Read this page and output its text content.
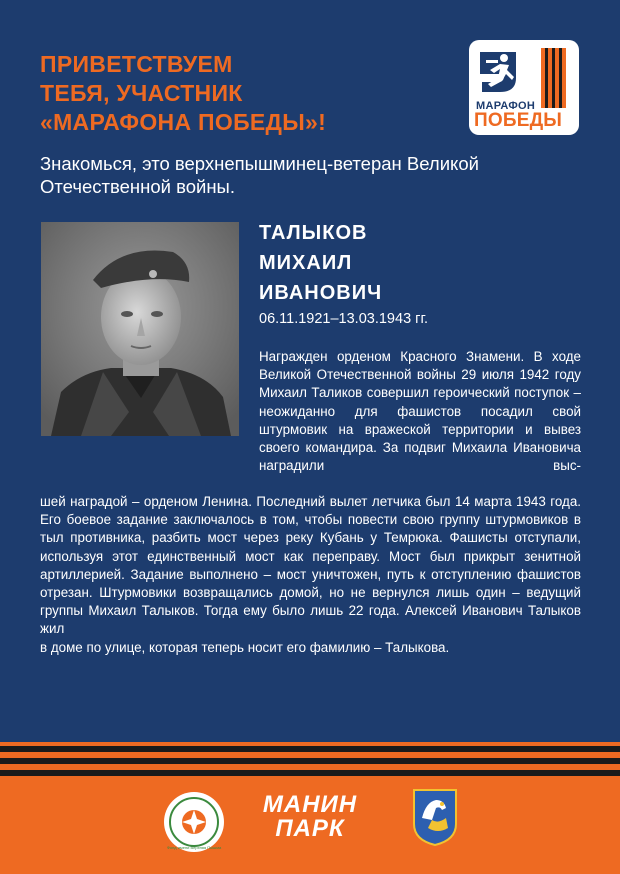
ПРИВЕТСТВУЕМ
ТЕБЯ, УЧАСТНИК
«МАРАФОНА ПОБЕДЫ»!
МАРАФОН
ПОБЕДЫ

Знакомься, это верхнепышминец-ветеран Великой Отечественной войны.

ТАЛЫКОВ
МИХАИЛ
ИВАНОВИЧ
06.11.1921–13.03.1943 гг.

Награжден орденом Красного Знамени. В ходе Великой Отечественной войны 29 июля 1942 году Михаил Таликов совершил героический поступок – неожиданно для фашистов посадил свой штурмовик на вражеской территории и вывез своего командира. За подвиг Михаила Ивановича наградили выс-

шей наградой – орденом Ленина. Последний вылет летчика был 14 марта 1943 года. Его боевое задание заключалось в том, чтобы повести свою группу штурмовиков в тыл противника, разбить мост через реку Кубань у Темрюка. Фашисты отступали, используя этот единственный мост как переправу. Мост был прикрыт зенитной артиллерией. Задание выполнено – мост уничтожен, путь к отступлению фашистов отрезан. Штурмовики возвращались домой, но не вернулся лишь один – ведущий группы Михаил Талыков. Тогда ему было лишь 22 года. Алексей Иванович Талыков жил
в доме по улице, которая теперь носит его фамилию – Талыкова.

Фонд имени Верхняя Пышма
МАНИН
ПАРК
